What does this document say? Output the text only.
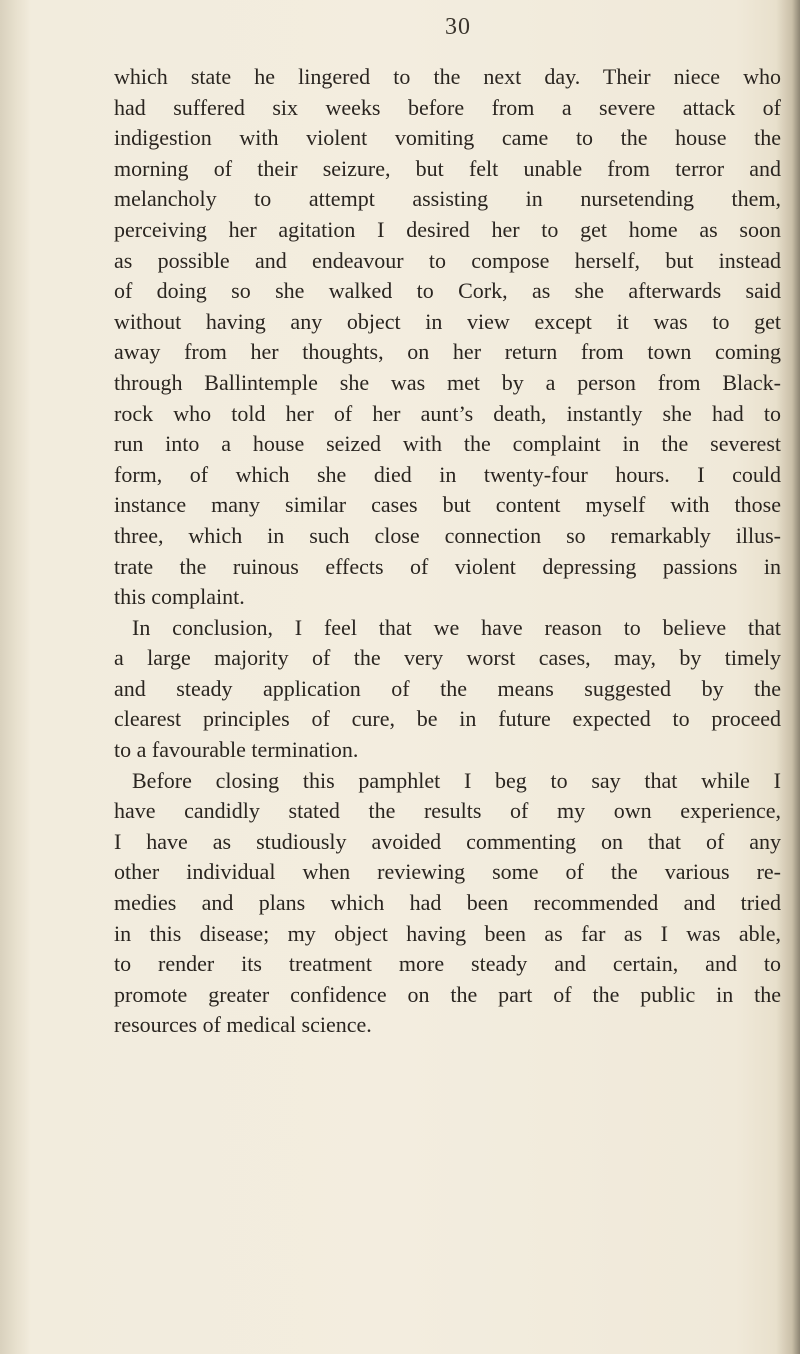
30
which state he lingered to the next day. Their niece who
had suffered six weeks before from a severe attack of
indigestion with violent vomiting came to the house the
morning of their seizure, but felt unable from terror and
melancholy to attempt assisting in nursetending them,
perceiving her agitation I desired her to get home as soon
as possible and endeavour to compose herself, but instead
of doing so she walked to Cork, as she afterwards said
without having any object in view except it was to get
away from her thoughts, on her return from town coming
through Ballintemple she was met by a person from Black-
rock who told her of her aunt’s death, instantly she had to
run into a house seized with the complaint in the severest
form, of which she died in twenty-four hours. I could
instance many similar cases but content myself with those
three, which in such close connection so remarkably illus-
trate the ruinous effects of violent depressing passions in
this complaint.
In conclusion, I feel that we have reason to believe that
a large majority of the very worst cases, may, by timely
and steady application of the means suggested by the
clearest principles of cure, be in future expected to proceed
to a favourable termination.
Before closing this pamphlet I beg to say that while I
have candidly stated the results of my own experience,
I have as studiously avoided commenting on that of any
other individual when reviewing some of the various re-
medies and plans which had been recommended and tried
in this disease; my object having been as far as I was able,
to render its treatment more steady and certain, and to
promote greater confidence on the part of the public in the
resources of medical science.
